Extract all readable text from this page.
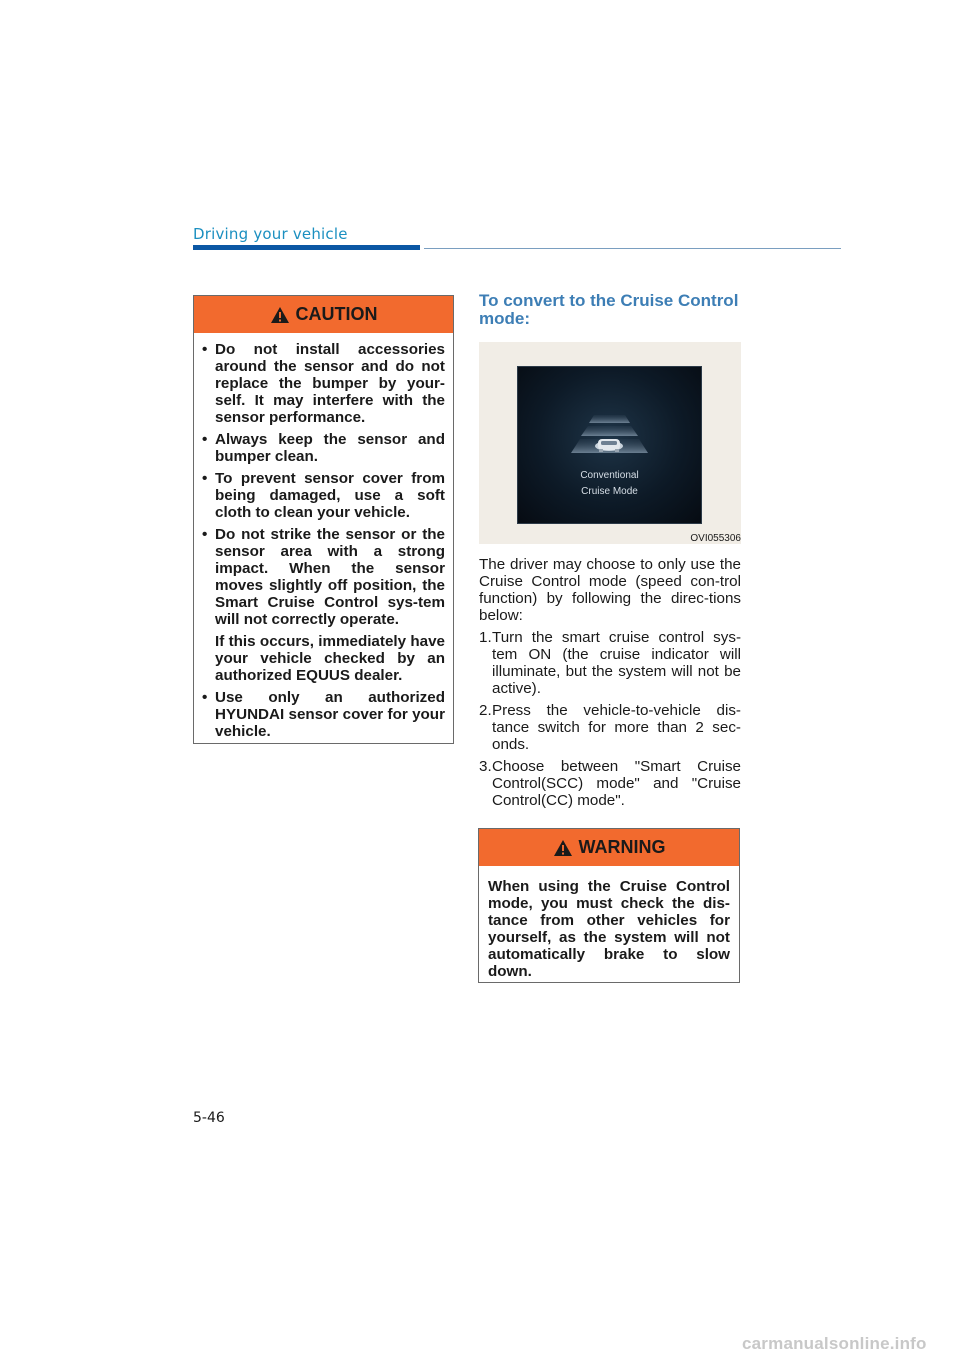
Driving your vehicle
CAUTION
• Do not install accessories around the sensor and do not replace the bumper by your-self. It may interfere with the sensor performance.

• Always keep the sensor and bumper clean.

• To prevent sensor cover from being damaged, use a soft cloth to clean your vehicle.

• Do not strike the sensor or the sensor area with a strong impact. When the sensor moves slightly off position, the Smart Cruise Control sys-tem will not correctly operate.

If this occurs, immediately have your vehicle checked by an authorized EQUUS dealer.

• Use only an authorized HYUNDAI sensor cover for your vehicle.

To convert to the Cruise Control mode:
Conventional
Cruise Mode
OVI055306

The driver may choose to only use the Cruise Control mode (speed con-trol function) by following the direc-tions below:

1. Turn the smart cruise control sys-tem ON (the cruise indicator will illuminate, but the system will not be active).
2. Press the vehicle-to-vehicle dis-tance switch for more than 2 sec-onds.
3. Choose between "Smart Cruise Control(SCC) mode" and "Cruise Control(CC) mode".
WARNING
When using the Cruise Control mode, you must check the dis-tance from other vehicles for yourself, as the system will not automatically brake to slow down.
5-46
carmanualsonline.info
